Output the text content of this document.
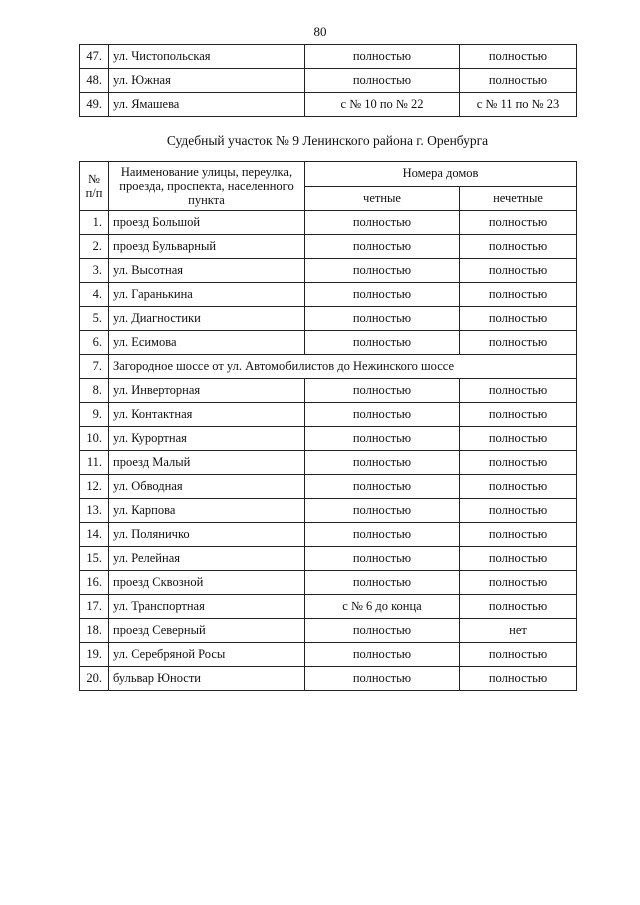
80
47.	ул. Чистопольская	полностью	полностью
48.	ул. Южная	полностью	полностью
49.	ул. Ямашева	с № 10 по № 22	с № 11 по № 23
Судебный участок № 9 Ленинского района г. Оренбурга
№ п/п	Наименование улицы, переулка, проезда, проспекта, населенного пункта	Номера домов	
		четные	нечетные
1.	проезд Большой	полностью	полностью
2.	проезд Бульварный	полностью	полностью
3.	ул. Высотная	полностью	полностью
4.	ул. Гаранькина	полностью	полностью
5.	ул. Диагностики	полностью	полностью
6.	ул. Есимова	полностью	полностью
7.	Загородное шоссе от ул. Автомобилистов до Нежинского шоссе		
8.	ул. Инверторная	полностью	полностью
9.	ул. Контактная	полностью	полностью
10.	ул. Курортная	полностью	полностью
11.	проезд Малый	полностью	полностью
12.	ул. Обводная	полностью	полностью
13.	ул. Карпова	полностью	полностью
14.	ул. Поляничко	полностью	полностью
15.	ул. Релейная	полностью	полностью
16.	проезд Сквозной	полностью	полностью
17.	ул. Транспортная	с № 6 до конца	полностью
18.	проезд Северный	полностью	нет
19.	ул. Серебряной Росы	полностью	полностью
20.	бульвар Юности	полностью	полностью
